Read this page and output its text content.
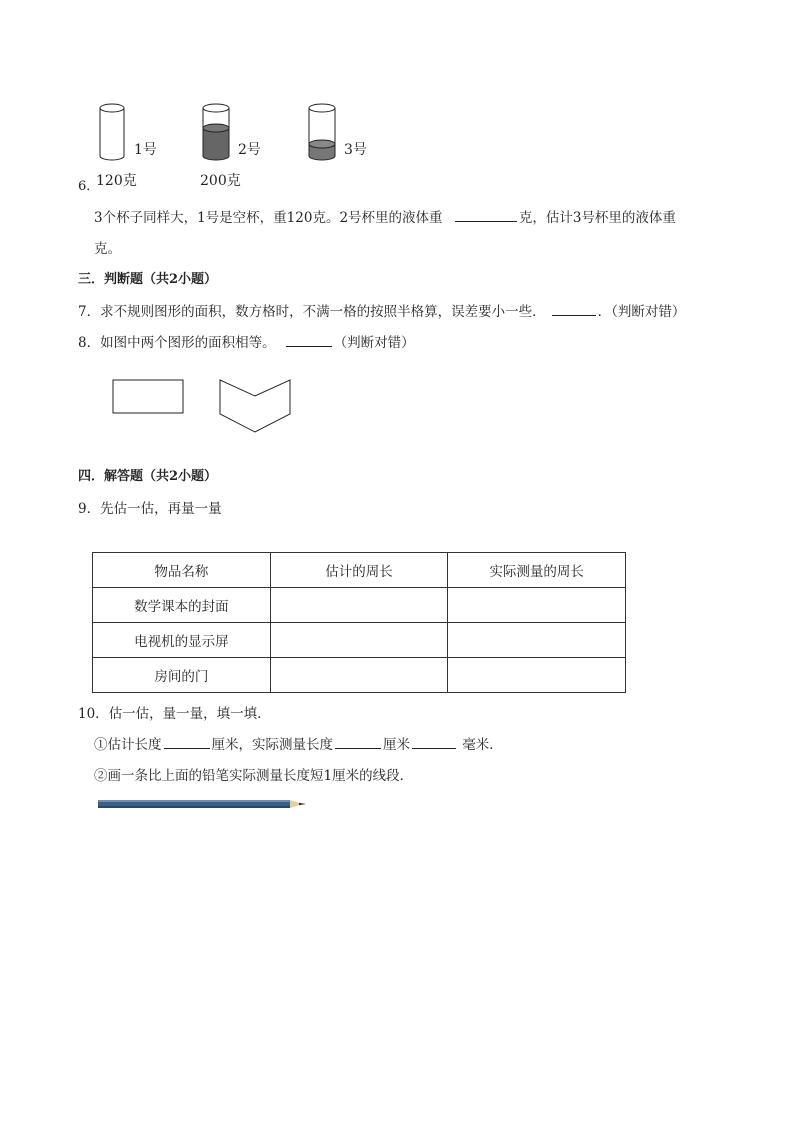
1号	2号	3号
6．
120克	200克
3个杯子同样大，1号是空杯，重120克。2号杯里的液体重	克，估计3号杯里的液体重
克。
三．判断题（共2小题）
7．求不规则图形的面积，数方格时，不满一格的按照半格算，误差要小一些．	．（判断对错）
8．如图中两个图形的面积相等。	（判断对错）
四．解答题（共2小题）
9．先估一估，再量一量
物品名称	估计的周长	实际测量的周长
数学课本的封面		
电视机的显示屏		
房间的门		
10．估一估，量一量，填一填．
①估计长度	厘米，实际测量长度	厘米	毫米．
②画一条比上面的铅笔实际测量长度短1厘米的线段．
